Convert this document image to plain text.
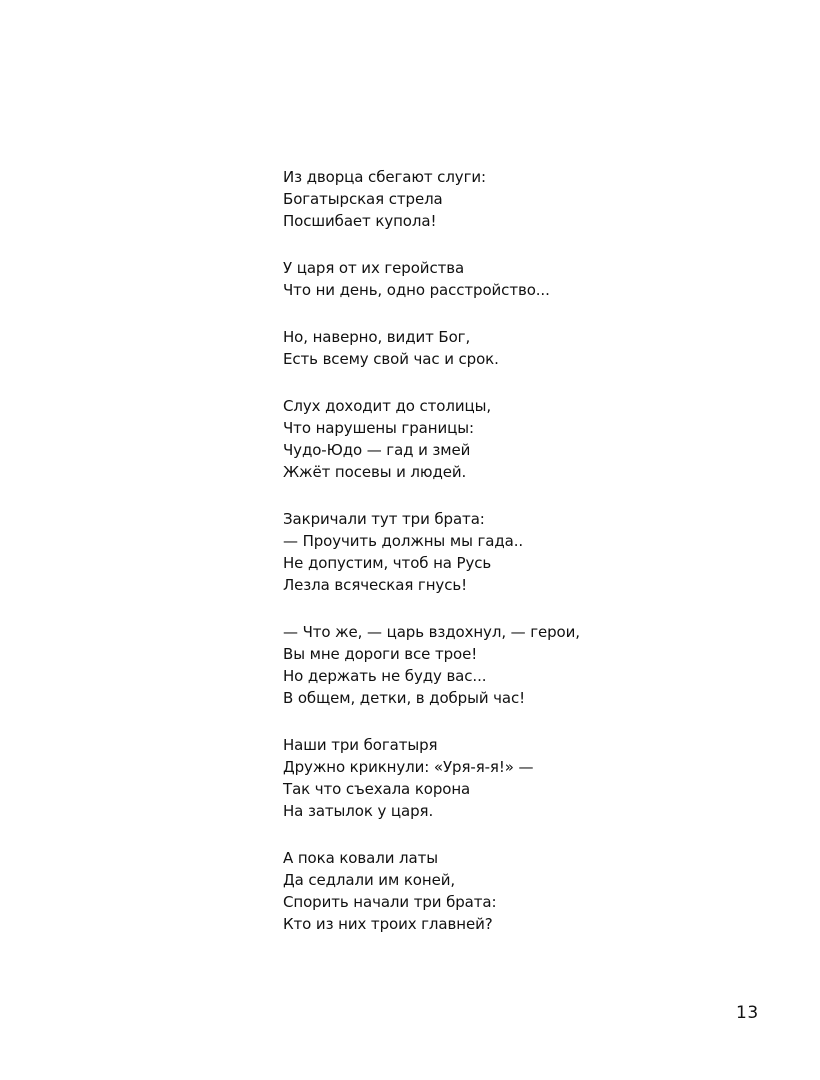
Из дворца сбегают слуги:
Богатырская стрела
Посшибает купола!
У царя от их геройства
Что ни день, одно расстройство...
Но, наверно, видит Бог,
Есть всему свой час и срок.
Слух доходит до столицы,
Что нарушены границы:
Чудо-Юдо — гад и змей
Жжёт посевы и людей.
Закричали тут три брата:
— Проучить должны мы гада..
Не допустим, чтоб на Русь
Лезла всяческая гнусь!
— Что же, — царь вздохнул, — герои,
Вы мне дороги все трое!
Но держать не буду вас...
В общем, детки, в добрый час!
Наши три богатыря
Дружно крикнули: «Уря-я-я!» —
Так что съехала корона
На затылок у царя.
А пока ковали латы
Да седлали им коней,
Спорить начали три брата:
Кто из них троих главней?
13
